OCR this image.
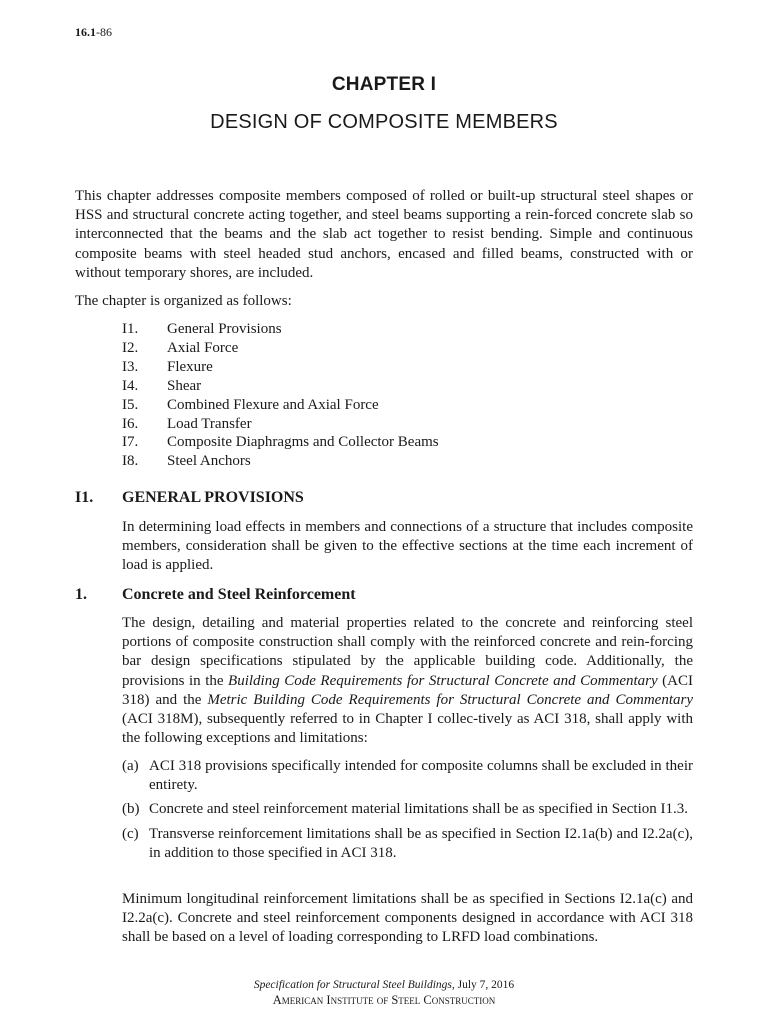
16.1-86
CHAPTER I
DESIGN OF COMPOSITE MEMBERS

This chapter addresses composite members composed of rolled or built-up structural steel shapes or HSS and structural concrete acting together, and steel beams supporting a rein-forced concrete slab so interconnected that the beams and the slab act together to resist bending. Simple and continuous composite beams with steel headed stud anchors, encased and filled beams, constructed with or without temporary shores, are included.

The chapter is organized as follows:

I1.	General Provisions
I2.	Axial Force
I3.	Flexure
I4.	Shear
I5.	Combined Flexure and Axial Force
I6.	Load Transfer
I7.	Composite Diaphragms and Collector Beams
I8.	Steel Anchors
I1. GENERAL PROVISIONS

In determining load effects in members and connections of a structure that includes composite members, consideration shall be given to the effective sections at the time each increment of load is applied.

1. Concrete and Steel Reinforcement

The design, detailing and material properties related to the concrete and reinforcing steel portions of composite construction shall comply with the reinforced concrete and rein-forcing bar design specifications stipulated by the applicable building code. Additionally, the provisions in the Building Code Requirements for Structural Concrete and Commentary (ACI 318) and the Metric Building Code Requirements for Structural Concrete and Commentary (ACI 318M), subsequently referred to in Chapter I collec-tively as ACI 318, shall apply with the following exceptions and limitations:

(a) ACI 318 provisions specifically intended for composite columns shall be excluded in their entirety.
(b) Concrete and steel reinforcement material limitations shall be as specified in Section I1.3.
(c) Transverse reinforcement limitations shall be as specified in Section I2.1a(b) and I2.2a(c), in addition to those specified in ACI 318.

Minimum longitudinal reinforcement limitations shall be as specified in Sections I2.1a(c) and I2.2a(c). Concrete and steel reinforcement components designed in accordance with ACI 318 shall be based on a level of loading corresponding to LRFD load combinations.

Specification for Structural Steel Buildings, July 7, 2016
American Institute of Steel Construction
